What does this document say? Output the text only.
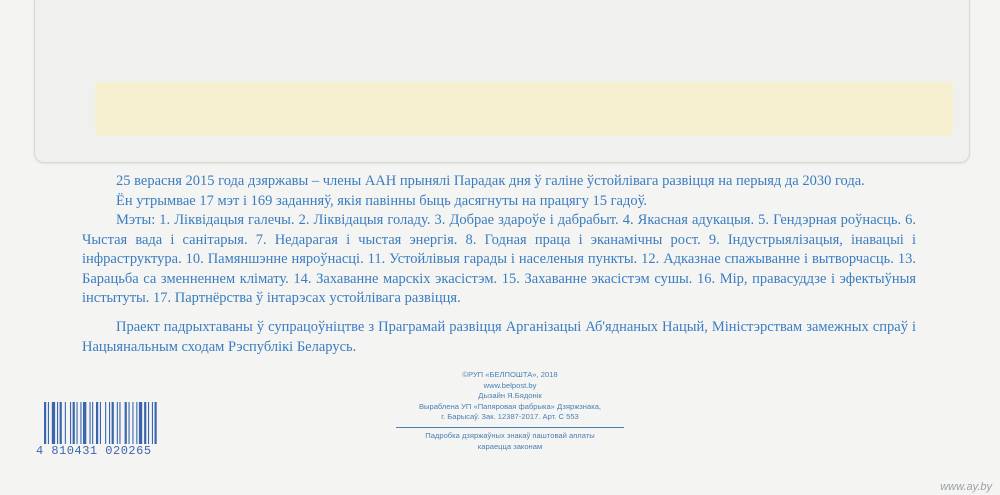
25 верасня 2015 года дзяржавы – члены ААН прынялі Парадак дня ў галіне ўстойлівага развіцця на перыяд да 2030 года.

Ён утрымвае 17 мэт і 169 заданняў, якія павінны быць дасягнуты на працягу 15 гадоў.

Мэты: 1. Ліквідацыя галечы. 2. Ліквідацыя голаду. 3. Добрае здароўе і дабрабыт. 4. Якасная адукацыя. 5. Гендэрная роўнасць. 6. Чыстая вада і санітарыя. 7. Недарагая і чыстая энергія. 8. Годная праца і эканамічны рост. 9. Індустрыялізацыя, інавацыі і інфраструктура. 10. Памяншэнне няроўнасці. 11. Устойлівыя гарады і населеныя пункты. 12. Адказнае спажыванне і вытворчасць. 13. Барацьба са зменненнем клімату. 14. Захаванне марскіх экасістэм. 15. Захаванне экасістэм сушы. 16. Мір, правасуддзе і эфектыўныя інстытуты. 17. Партнёрства ў інтарэсах устойлівага развіцця.

Праект падрыхтаваны ў супрацоўніцтве з Праграмай развіцця Арганізацыі Аб'яднаных Нацый, Міністэрствам замежных спраў і Нацыянальным сходам Рэспублікі Беларусь.

©РУП «БЕЛПОШТА», 2018
www.belpost.by
Дызайн Я.Бядонік
Выраблена УП «Папяровая фабрыка» Дзяржзнака,
г. Барысаў. Зак. 12387-2017. Арт. С 553
Падробка дзяржаўных знакаў паштовай аплаты
караецца законам
4 810431 020265
www.ay.by
